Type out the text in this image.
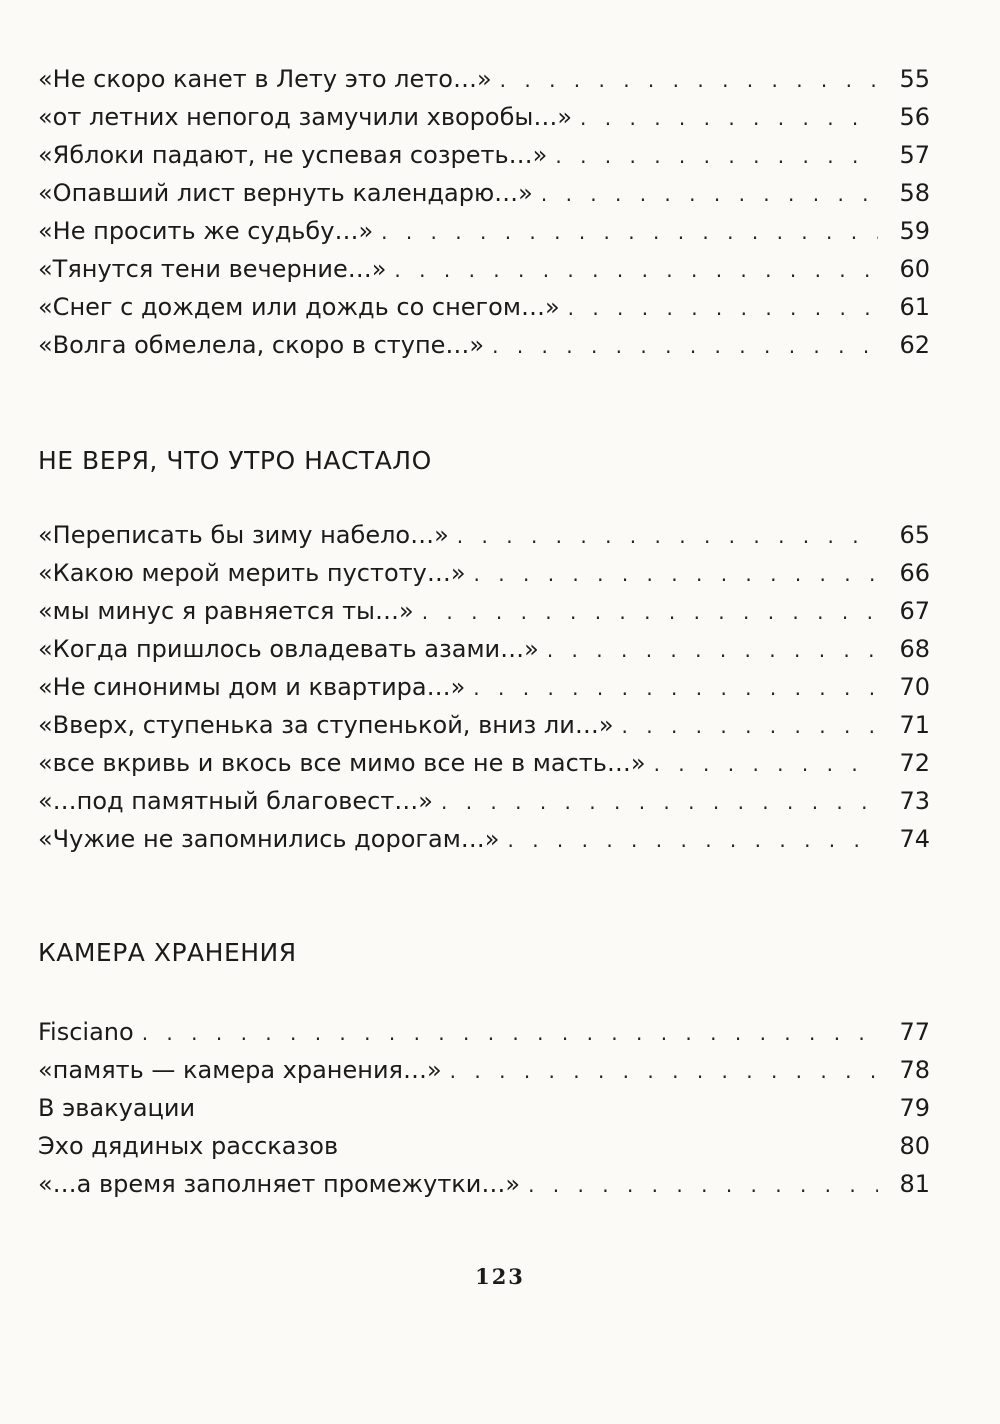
«Не скоро канет в Лету это лето…» . . .	55
«от летних непогод замучили хворобы…» . . .	56
«Яблоки падают, не успевая созреть…» . . .	57
«Опавший лист вернуть календарю…» . . .	58
«Не просить же судьбу…» . . .	59
«Тянутся тени вечерние…» . . .	60
«Снег с дождем или дождь со снегом…» . . .	61
«Волга обмелела, скоро в ступе…» . . .	62
НЕ ВЕРЯ, ЧТО УТРО НАСТАЛО
«Переписать бы зиму набело…» . . .	65
«Какою мерой мерить пустоту…» . . .	66
«мы минус я равняется ты…» . . .	67
«Когда пришлось овладевать азами…» . . .	68
«Не синонимы дом и квартира…» . . .	70
«Вверх, ступенька за ступенькой, вниз ли…» . . .	71
«все вкривь и вкось все мимо все не в масть…» . . .	72
«…под памятный благовест…» . . .	73
«Чужие не запомнились дорогам…» . . .	74
КАМЕРА ХРАНЕНИЯ
Fisciano . . .	77
«память — камера хранения…» . . .	78
В эвакуации	79
Эхо дядиных рассказов	80
«…а время заполняет промежутки…» . . .	81
123
